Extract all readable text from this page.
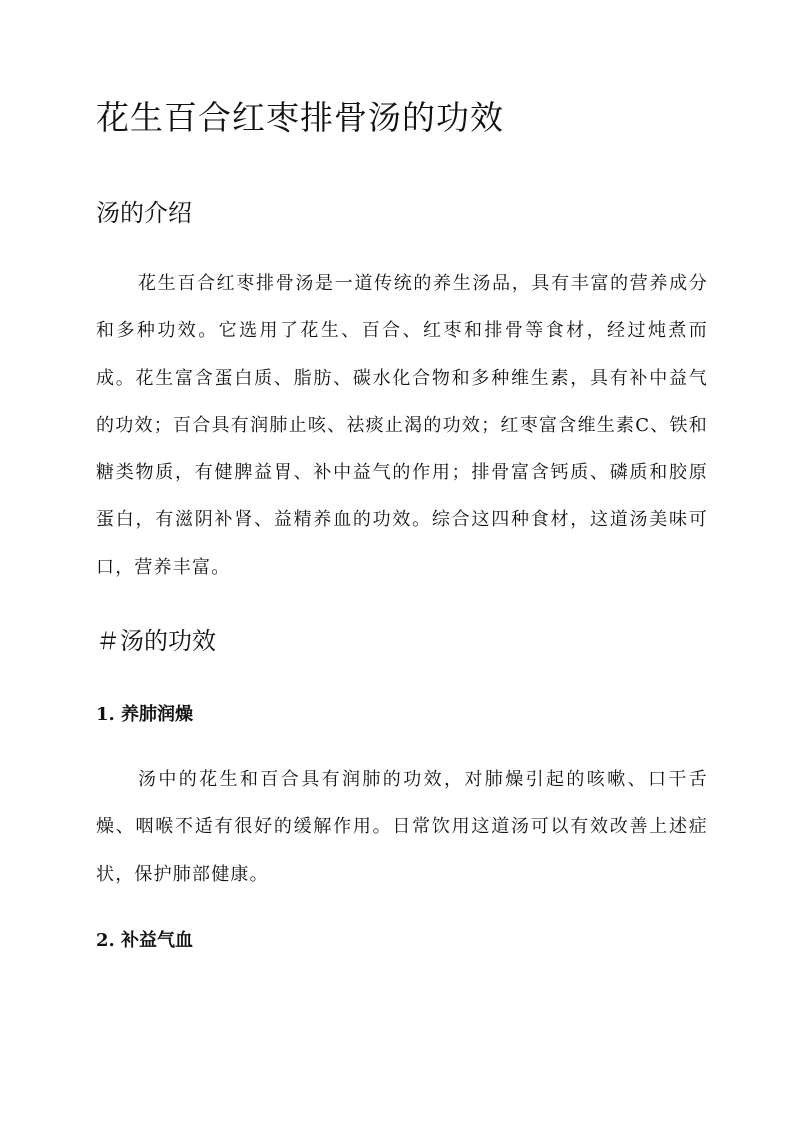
花生百合红枣排骨汤的功效
汤的介绍

花生百合红枣排骨汤是一道传统的养生汤品，具有丰富的营养成分和多种功效。它选用了花生、百合、红枣和排骨等食材，经过炖煮而成。花生富含蛋白质、脂肪、碳水化合物和多种维生素，具有补中益气的功效；百合具有润肺止咳、祛痰止渴的功效；红枣富含维生素C、铁和糖类物质，有健脾益胃、补中益气的作用；排骨富含钙质、磷质和胶原蛋白，有滋阴补肾、益精养血的功效。综合这四种食材，这道汤美味可口，营养丰富。

＃汤的功效
1. 养肺润燥

汤中的花生和百合具有润肺的功效，对肺燥引起的咳嗽、口干舌燥、咽喉不适有很好的缓解作用。日常饮用这道汤可以有效改善上述症状，保护肺部健康。

2. 补益气血
